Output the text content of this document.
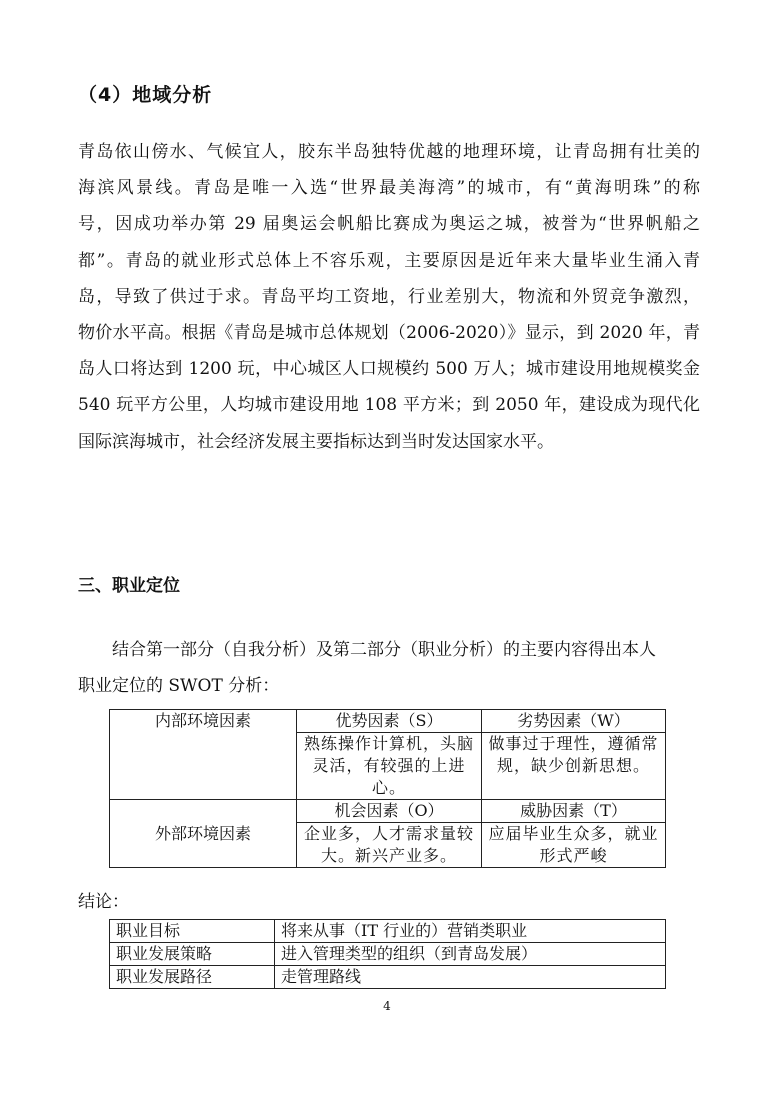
（4）地域分析
青岛依山傍水、气候宜人，胶东半岛独特优越的地理环境，让青岛拥有壮美的
海滨风景线。青岛是唯一入选“世界最美海湾”的城市，有“黄海明珠”的称
号，因成功举办第 29 届奥运会帆船比赛成为奥运之城，被誉为“世界帆船之
都”。青岛的就业形式总体上不容乐观，主要原因是近年来大量毕业生涌入青
岛，导致了供过于求。青岛平均工资地，行业差别大，物流和外贸竞争激烈，
物价水平高。根据《青岛是城市总体规划（2006-2020）》显示，到 2020 年，青
岛人口将达到 1200 玩，中心城区人口规模约 500 万人；城市建设用地规模奖金
540 玩平方公里，人均城市建设用地 108 平方米；到 2050 年，建设成为现代化
国际滨海城市，社会经济发展主要指标达到当时发达国家水平。
三、职业定位
结合第一部分（自我分析）及第二部分（职业分析）的主要内容得出本人
职业定位的 SWOT 分析：
内部环境因素	优势因素（S）	劣势因素（W）
	熟练操作计算机，头脑灵活，有较强的上进心。	做事过于理性，遵循常规，缺少创新思想。
外部环境因素	机会因素（O）	威胁因素（T）
	企业多，人才需求量较大。新兴产业多。	应届毕业生众多，就业形式严峻
结论：
职业目标	将来从事（IT 行业的）营销类职业
职业发展策略	进入管理类型的组织（到青岛发展）
职业发展路径	走管理路线
4
